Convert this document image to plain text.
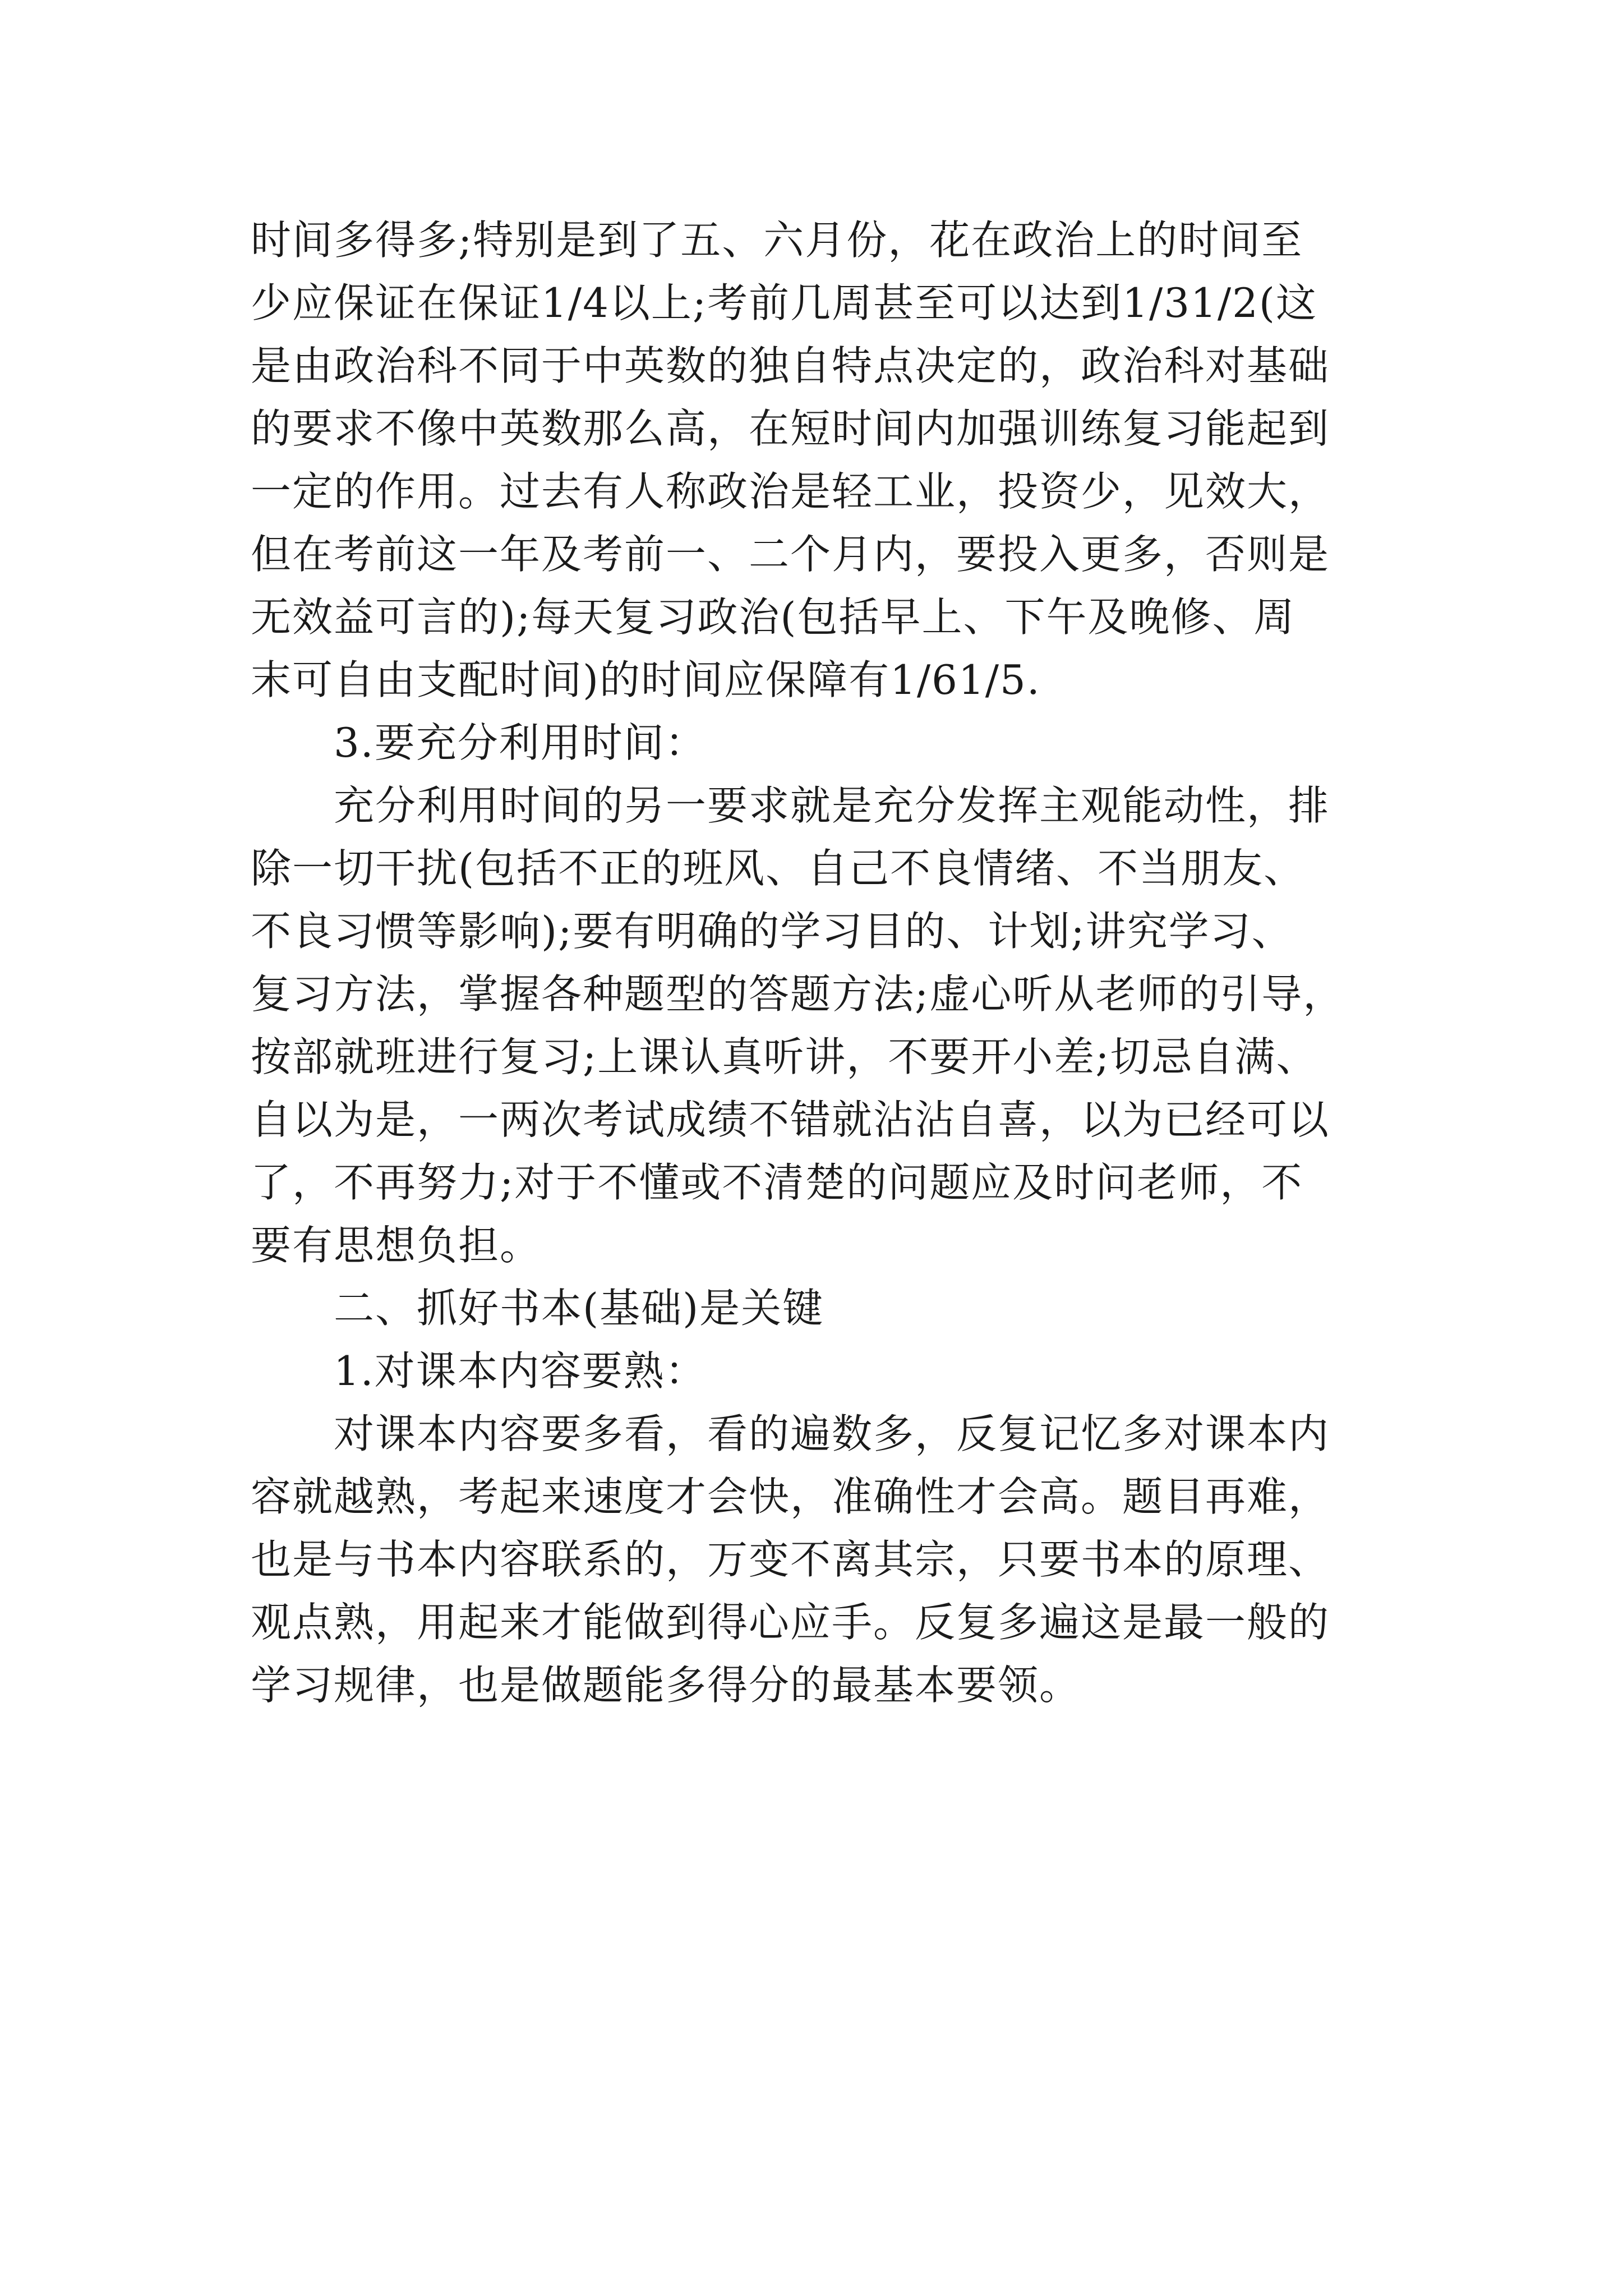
时间多得多;特别是到了五、六月份，花在政治上的时间至
少应保证在保证1/4以上;考前几周甚至可以达到1/31/2(这
是由政治科不同于中英数的独自特点决定的，政治科对基础
的要求不像中英数那么高，在短时间内加强训练复习能起到
一定的作用。过去有人称政治是轻工业，投资少，见效大，
但在考前这一年及考前一、二个月内，要投入更多，否则是
无效益可言的);每天复习政治(包括早上、下午及晚修、周
末可自由支配时间)的时间应保障有1/61/5.
3.要充分利用时间：
充分利用时间的另一要求就是充分发挥主观能动性，排
除一切干扰(包括不正的班风、自己不良情绪、不当朋友、
不良习惯等影响);要有明确的学习目的、计划;讲究学习、
复习方法，掌握各种题型的答题方法;虚心听从老师的引导，
按部就班进行复习;上课认真听讲，不要开小差;切忌自满、
自以为是，一两次考试成绩不错就沾沾自喜，以为已经可以
了，不再努力;对于不懂或不清楚的问题应及时问老师，不
要有思想负担。
二、抓好书本(基础)是关键
1.对课本内容要熟：
对课本内容要多看，看的遍数多，反复记忆多对课本内
容就越熟，考起来速度才会快，准确性才会高。题目再难，
也是与书本内容联系的，万变不离其宗，只要书本的原理、
观点熟，用起来才能做到得心应手。反复多遍这是最一般的
学习规律，也是做题能多得分的最基本要领。
